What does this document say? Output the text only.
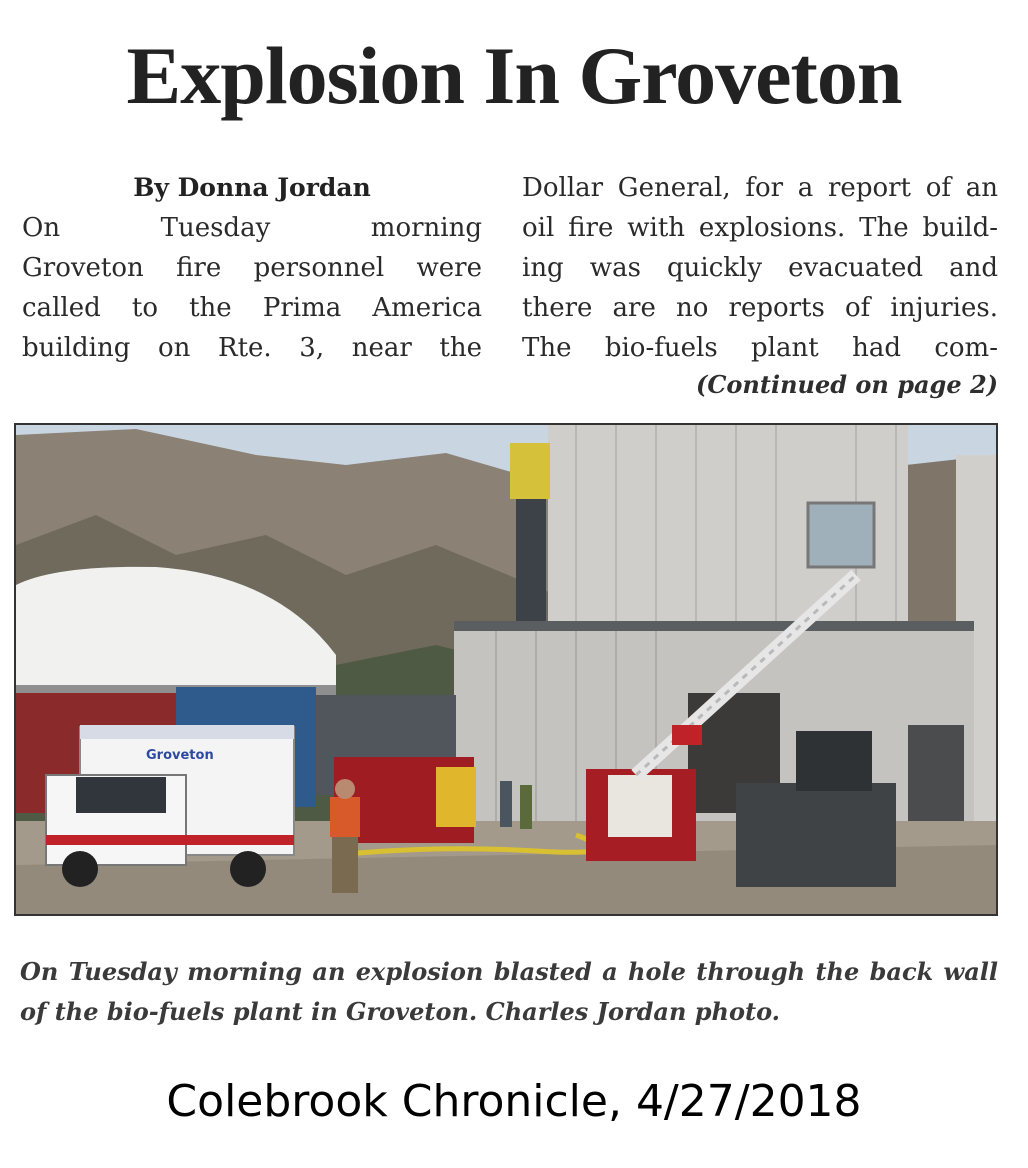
Explosion In Groveton
By Donna Jordan

On Tuesday morning

Groveton fire personnel were

called to the Prima America

building on Rte. 3, near the

Dollar General, for a report of an

oil fire with explosions. The build-

ing was quickly evacuated and

there are no reports of injuries.

The bio-fuels plant had com-

(Continued on page 2)
Groveton

On Tuesday morning an explosion blasted a hole through the back wall of the bio-fuels plant in Groveton. Charles Jordan photo.

Colebrook Chronicle, 4/27/2018
